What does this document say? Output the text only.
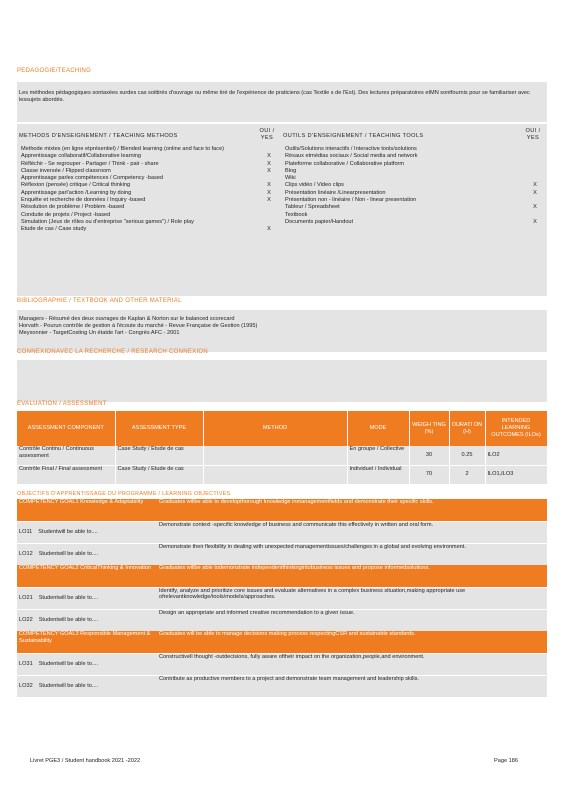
PEDAGOGIE/TEACHING
Les méthodes pédagogiques sontaxées surdes cas soittirés d'ouvrage ou même tiré de l'expérience de praticiens (cas Textile s de l'Est). Des lectures préparatoires etMN sontfournis pour se familiariser avec lessujets abordés.
METHODS D'ENSEIGNEMENT / TEACHING METHODS	OUI / YES	OUTILS D'ENSEIGNEMENT / TEACHING TOOLS	OUI / YES

Methode mixtes (en ligne etprésentiel) / Blended learning (online and face to face)	
Apprentissage collaboratif/Collaborative learning	X
Réfléchir - Se regrouper - Partager / Think - pair - share	X
Classe inversée / Flipped classroom	X
Apprentissage parles compétences / Competency -based	
Réflexion (pensée) critique / Critical thinking	X
Apprentissage parl'action /Learning by doing	X
Enquête et recherche de données / Inquiry -based	X
Résolution de problème / Problem -based	
Conduite de projets / Project -based	
Simulation (Jeux de rôles ou d'entreprise "serious games") / Role play	
Etude de cas / Case study	X

Outils/Solutions interactifs / Interactive tools/solutions	
Résaux etmédias sociaux / Social media and network	
Plateforme collaborative / Collaborative platform	
Blog	
Wiki	
Clips vidéo / Video clips	X
Présentation linéaire /Linearpresentation	X
Présentation non - linéaire / Non - linear presentation	
Tableur / Spreadsheet	X
Textbook	
Documents papier/Handout	X
BIBLIOGRAPHIE / TEXTBOOK AND OTHER MATERIAL
Managers - Résumé des deux ouvrages de Kaplan & Norton sur le balanced scorecard
Horvath - Pourun contrôle de gestion à l'écoute du marché - Revue Française de Gestion (1995)
Meysonnier - TargetCosting Un étatde l'art - Congrès AFC - 2001
CONNEXIONAVEC LA RECHERCHE / RESEARCH CONNEXION
EVALUATION / ASSESSMENT
ASSESSMENT COMPONENT	ASSESSMENT TYPE	METHOD	MODE	WEIGH TING (%)	DURATI ON (H)	INTENDED LEARNING OUTCOMES (ILOs)
Contrôle Continu / Continuous assessment	Case Study / Etude de cas		En groupe / Collective	30	0.25	ILO2
Contrôle Final / Final assessment	Case Study / Etude de cas		Individuel / Individual	70	2	ILO1,ILO3
OBJECTIFS D'APPRENTISSAGE DU PROGRAMME / LEARNING OBJECTIVES
COMPETENCY GOAL1 Knowledge & Adaptability	Graduates willbe able to developthorough knowledge inmanagementfields and demonstrate their specific skills.
LO11 Studentwill be able to....	Demonstrate context -specific knowledge of business and communicate this effectively in written and oral form.
LO12 Studentwill be able to....	Demonstrate their flexibility in dealing with unexpected managementissues/challenges in a global and evolving environment.
COMPETENCY GOAL2 CriticalThinking & Innovation	Graduates willbe able todemonstrate independentthinkingintobusiness issues and propose informedsolutions.
LO21 Studentwill be able to....	Identify, analyze and prioritize core issues and evaluate alternatives in a complex business situation,making appropriate use ofrelevantknowledge/tools/models/approaches.
LO22 Studentwill be able to....	Design an appropriate and informed creative recommendation to a given issue.
COMPETENCY GOAL3 Responsible Management & Sustainability	Graduates will be able to manage decisions making process respectingCSR and sustainable standards.
LO31 Studentwill be able to....	Constructivell thought -outdecisions, fully aware oftheir impact on the organization,people,and environment.
LO32 Studentwill be able to....	Contribute as productive members to a project and demonstrate team management and leadership skills.
Livret PGE3 / Student handbook 2021 -2022	Page 186
